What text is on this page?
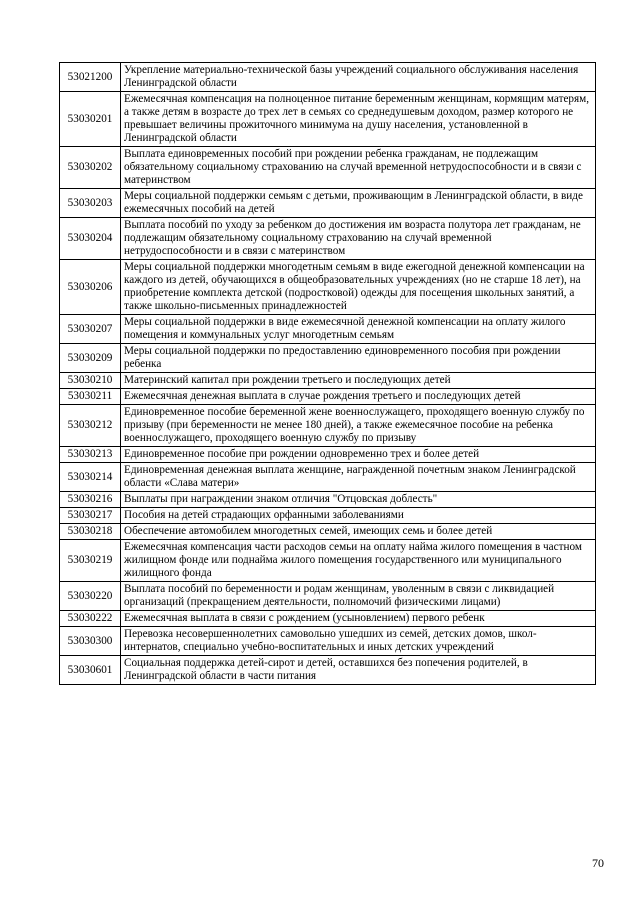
53021200	Укрепление материально-технической базы учреждений социального обслуживания населения Ленинградской области
53030201	Ежемесячная компенсация на полноценное питание беременным женщинам, кормящим матерям, а также детям в возрасте до трех лет в семьях со среднедушевым доходом, размер которого не превышает величины прожиточного минимума на душу населения, установленной в Ленинградской области
53030202	Выплата единовременных пособий при рождении ребенка гражданам, не подлежащим обязательному социальному страхованию на случай временной нетрудоспособности и в связи с материнством
53030203	Меры социальной поддержки семьям с детьми, проживающим в Ленинградской области, в виде ежемесячных пособий на детей
53030204	Выплата пособий по уходу за ребенком до достижения им возраста полутора лет гражданам, не подлежащим обязательному социальному страхованию на случай временной нетрудоспособности и в связи с материнством
53030206	Меры социальной поддержки многодетным семьям в виде ежегодной денежной компенсации на каждого из детей, обучающихся в общеобразовательных учреждениях (но не старше 18 лет), на приобретение комплекта детской (подростковой) одежды для посещения школьных занятий, а также школьно-письменных принадлежностей
53030207	Меры социальной поддержки в виде ежемесячной денежной компенсации на оплату жилого помещения и коммунальных услуг многодетным семьям
53030209	Меры социальной поддержки по предоставлению единовременного пособия при рождении ребенка
53030210	Материнский капитал при рождении третьего и последующих детей
53030211	Ежемесячная денежная выплата в случае рождения третьего и последующих детей
53030212	Единовременное пособие беременной жене военнослужащего, проходящего военную службу по призыву (при беременности не менее 180 дней), а также ежемесячное пособие на ребенка военнослужащего, проходящего военную службу по призыву
53030213	Единовременное пособие при рождении одновременно трех и более детей
53030214	Единовременная денежная выплата женщине, награжденной почетным знаком Ленинградской области «Слава матери»
53030216	Выплаты при награждении знаком отличия "Отцовская доблесть"
53030217	Пособия на детей страдающих орфанными заболеваниями
53030218	Обеспечение автомобилем многодетных семей, имеющих семь и более детей
53030219	Ежемесячная компенсация части расходов семьи на оплату найма жилого помещения в частном жилищном фонде или поднайма жилого помещения государственного или муниципального жилищного фонда
53030220	Выплата пособий по беременности и родам женщинам, уволенным в связи с ликвидацией организаций (прекращением деятельности, полномочий физическими лицами)
53030222	Ежемесячная выплата в связи с рождением (усыновлением) первого ребенк
53030300	Перевозка несовершеннолетних самовольно ушедших из семей, детских домов, школ-интернатов, специально учебно-воспитательных и иных детских учреждений
53030601	Социальная поддержка детей-сирот и детей, оставшихся без попечения родителей, в Ленинградской области в части питания
70
